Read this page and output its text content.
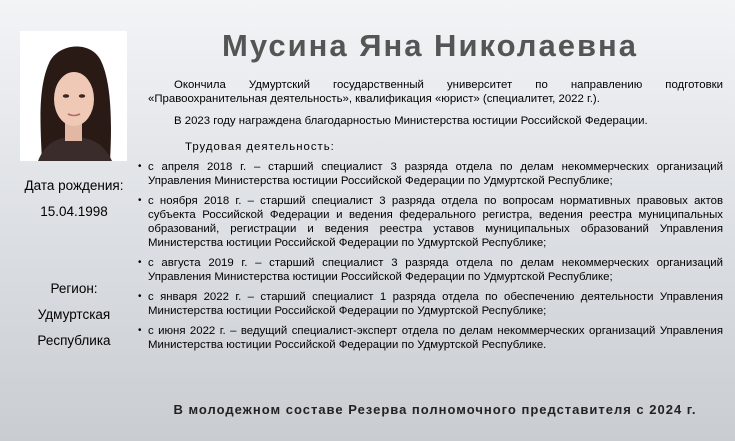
Дата рождения:
15.04.1998
Регион:
Удмуртская
Республика
Мусина Яна Николаевна
Окончила Удмуртский государственный университет по направлению подготовки «Правоохранительная деятельность», квалификация «юрист» (специалитет, 2022 г.).
В 2023 году награждена благодарностью Министерства юстиции Российской Федерации.
Трудовая деятельность:
• с апреля 2018 г. – старший специалист 3 разряда отдела по делам некоммерческих организаций Управления Министерства юстиции Российской Федерации по Удмуртской Республике;
• с ноября 2018 г. – старший специалист 3 разряда отдела по вопросам нормативных правовых актов субъекта Российской Федерации и ведения федерального регистра, ведения реестра муниципальных образований, регистрации и ведения реестра уставов муниципальных образований Управления Министерства юстиции Российской Федерации по Удмуртской Республике;
• с августа 2019 г. – старший специалист 3 разряда отдела по делам некоммерческих организаций Управления Министерства юстиции Российской Федерации по Удмуртской Республике;
• с января 2022 г. – старший специалист 1 разряда отдела по обеспечению деятельности Управления Министерства юстиции Российской Федерации по Удмуртской Республике;
• с июня 2022 г. – ведущий специалист-эксперт отдела по делам некоммерческих организаций Управления Министерства юстиции Российской Федерации по Удмуртской Республике.
В молодежном составе Резерва полномочного представителя с 2024 г.
